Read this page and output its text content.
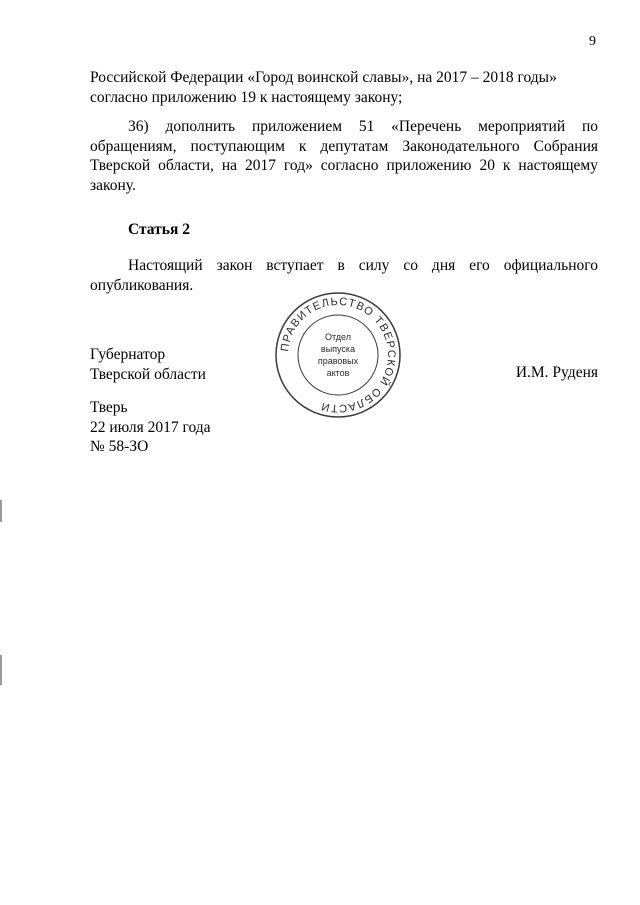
9
Российской Федерации «Город воинской славы», на 2017 – 2018 годы»
согласно приложению 19 к настоящему закону;
36) дополнить приложением 51 «Перечень мероприятий по обращениям, поступающим к депутатам Законодательного Собрания Тверской области, на 2017 год» согласно приложению 20 к настоящему закону.
Статья 2
Настоящий закон вступает в силу со дня его официального опубликования.
Губернатор
Тверской области	И.М. Руденя
Тверь
22 июля 2017 года
№ 58-ЗО
ПРАВИТЕЛЬСТВО ТВЕРСКОЙ ОБЛАСТИ
Отдел
выпуска
правовых
актов
